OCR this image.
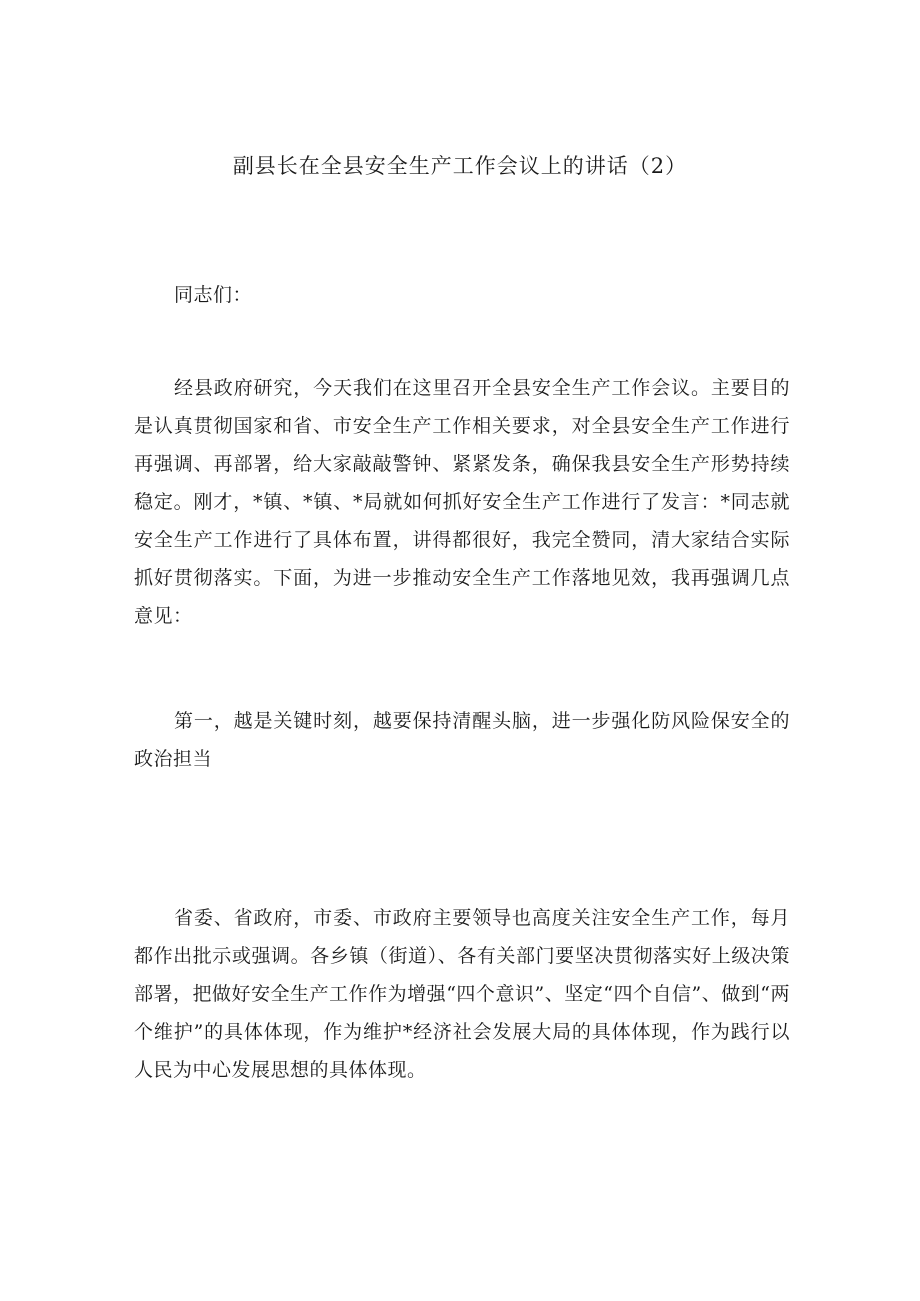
副县长在全县安全生产工作会议上的讲话（2）

同志们：

经县政府研究，今天我们在这里召开全县安全生产工作会议。主要目的是认真贯彻国家和省、市安全生产工作相关要求，对全县安全生产工作进行再强调、再部署，给大家敲敲警钟、紧紧发条，确保我县安全生产形势持续稳定。刚才，*镇、*镇、*局就如何抓好安全生产工作进行了发言：*同志就安全生产工作进行了具体布置，讲得都很好，我完全赞同，清大家结合实际抓好贯彻落实。下面，为进一步推动安全生产工作落地见效，我再强调几点意见：

第一，越是关键时刻，越要保持清醒头脑，进一步强化防风险保安全的政治担当

省委、省政府，市委、市政府主要领导也高度关注安全生产工作，每月都作出批示或强调。各乡镇（街道）、各有关部门要坚决贯彻落实好上级决策部署，把做好安全生产工作作为增强“四个意识”、坚定“四个自信”、做到“两个维护”的具体体现，作为维护*经济社会发展大局的具体体现，作为践行以人民为中心发展思想的具体体现。
